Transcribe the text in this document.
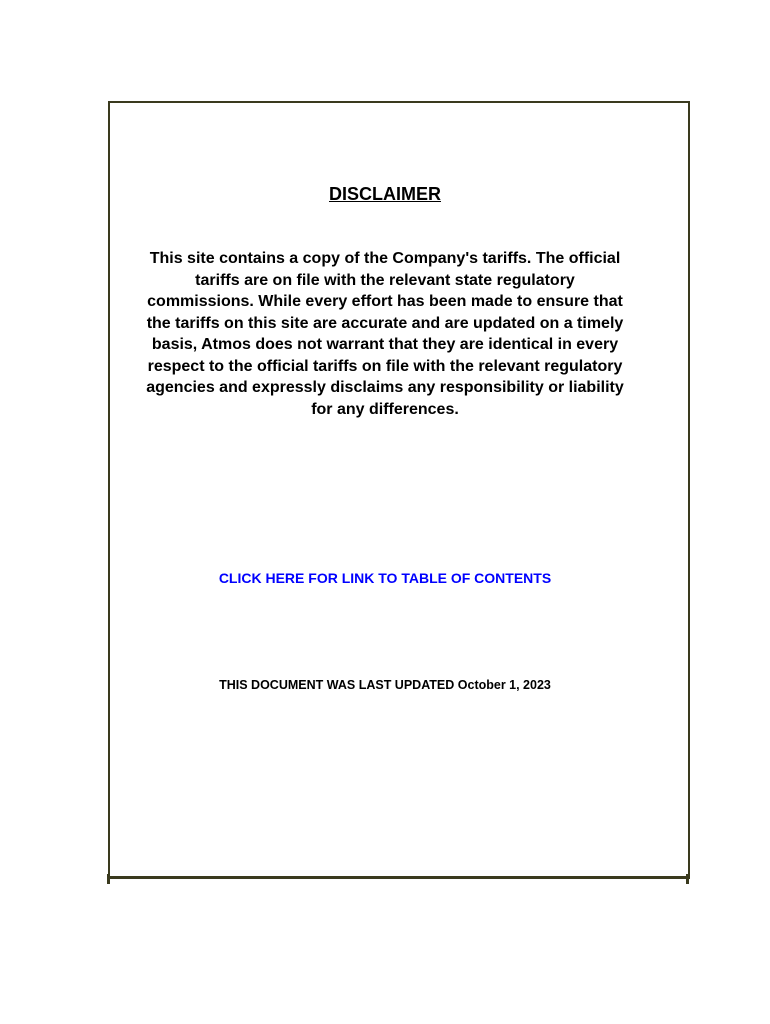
DISCLAIMER
This site contains a copy of the Company's tariffs. The official tariffs are on file with the relevant state regulatory commissions. While every effort has been made to ensure that the tariffs on this site are accurate and are updated on a timely basis, Atmos does not warrant that they are identical in every respect to the official tariffs on file with the relevant regulatory agencies and expressly disclaims any responsibility or liability for any differences.
CLICK HERE FOR LINK TO TABLE OF CONTENTS
THIS DOCUMENT WAS LAST UPDATED October 1, 2023
